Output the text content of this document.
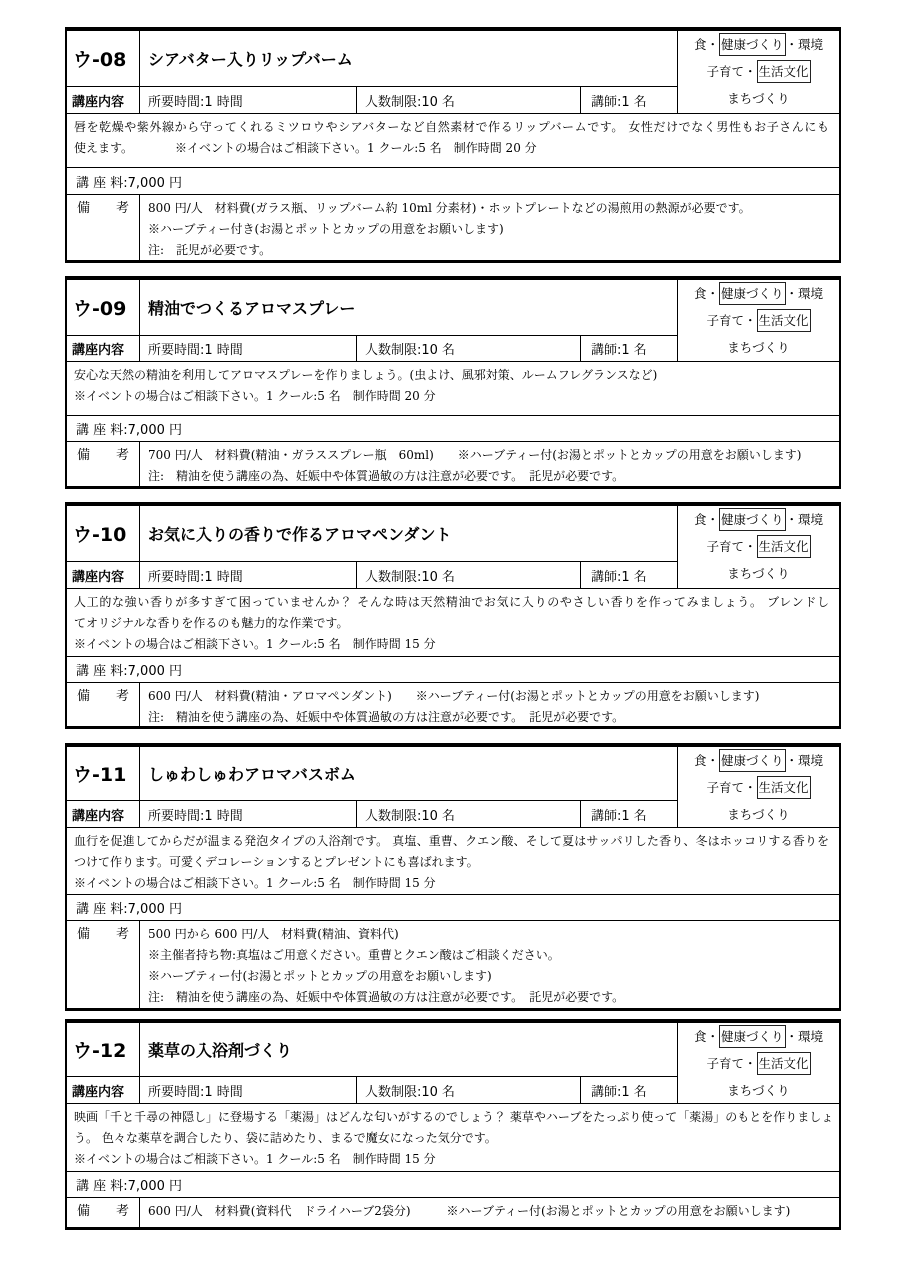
ウ-08	シアバター入りリップバーム
講座内容	所要時間:1 時間	人数制限:10 名	講師:1 名
食・ 健康づくり ・環境
子育て・ 生活文化
まちづくり
唇を乾燥や紫外線から守ってくれるミツロウやシアバターなど自然素材で作るリップバームです。 女性だけでなく男性もお子さんにも
使えます。　　　　※イベントの場合はご相談下さい。1 クール:5 名　制作時間 20 分
講 座 料:7,000 円
備　　考	800 円/人　材料費(ガラス瓶、リップバーム約 10ml 分素材)・ホットプレートなどの湯煎用の熱源が必要です。
※ハーブティー付き(お湯とポットとカップの用意をお願いします)
注:　託児が必要です。
ウ-09	精油でつくるアロマスプレー
講座内容	所要時間:1 時間	人数制限:10 名	講師:1 名
食・ 健康づくり ・環境
子育て・ 生活文化
まちづくり
安心な天然の精油を利用してアロマスプレーを作りましょう。(虫よけ、風邪対策、ルームフレグランスなど)
※イベントの場合はご相談下さい。1 クール:5 名　制作時間 20 分
講 座 料:7,000 円
備　　考	700 円/人　材料費(精油・ガラススプレー瓶　60ml)　　※ハーブティー付(お湯とポットとカップの用意をお願いします)
注:　精油を使う講座の為、妊娠中や体質過敏の方は注意が必要です。　託児が必要です。
ウ-10	お気に入りの香りで作るアロマペンダント
講座内容	所要時間:1 時間	人数制限:10 名	講師:1 名
食・ 健康づくり ・環境
子育て・ 生活文化
まちづくり
人工的な強い香りが多すぎて困っていませんか？ そんな時は天然精油でお気に入りのやさしい香りを作ってみましょう。 ブレンドし
てオリジナルな香りを作るのも魅力的な作業です。
※イベントの場合はご相談下さい。1 クール:5 名　制作時間 15 分
講 座 料:7,000 円
備　　考	600 円/人　材料費(精油・アロマペンダント)　　※ハーブティー付(お湯とポットとカップの用意をお願いします)
注:　精油を使う講座の為、妊娠中や体質過敏の方は注意が必要です。　託児が必要です。
ウ-11	しゅわしゅわアロマバスボム
講座内容	所要時間:1 時間	人数制限:10 名	講師:1 名
食・ 健康づくり ・環境
子育て・ 生活文化
まちづくり
血行を促進してからだが温まる発泡タイプの入浴剤です。 真塩、重曹、クエン酸、そして夏はサッパリした香り、冬はホッコリする香りを
つけて作ります。可愛くデコレーションするとプレゼントにも喜ばれます。
※イベントの場合はご相談下さい。1 クール:5 名　制作時間 15 分
講 座 料:7,000 円
備　　考	500 円から 600 円/人　材料費(精油、資料代)
※主催者持ち物:真塩はご用意ください。重曹とクエン酸はご相談ください。
※ハーブティー付(お湯とポットとカップの用意をお願いします)
注:　精油を使う講座の為、妊娠中や体質過敏の方は注意が必要です。　託児が必要です。
ウ-12	薬草の入浴剤づくり
講座内容	所要時間:1 時間	人数制限:10 名	講師:1 名
食・ 健康づくり ・環境
子育て・ 生活文化
まちづくり
映画「千と千尋の神隠し」に登場する「薬湯」はどんな匂いがするのでしょう？ 薬草やハーブをたっぷり使って「薬湯」のもとを作りましょ
う。 色々な薬草を調合したり、袋に詰めたり、まるで魔女になった気分です。
※イベントの場合はご相談下さい。1 クール:5 名　制作時間 15 分
講 座 料:7,000 円
備　　考	600 円/人　材料費(資料代　ドライハーブ2袋分)　　　※ハーブティー付(お湯とポットとカップの用意をお願いします)
